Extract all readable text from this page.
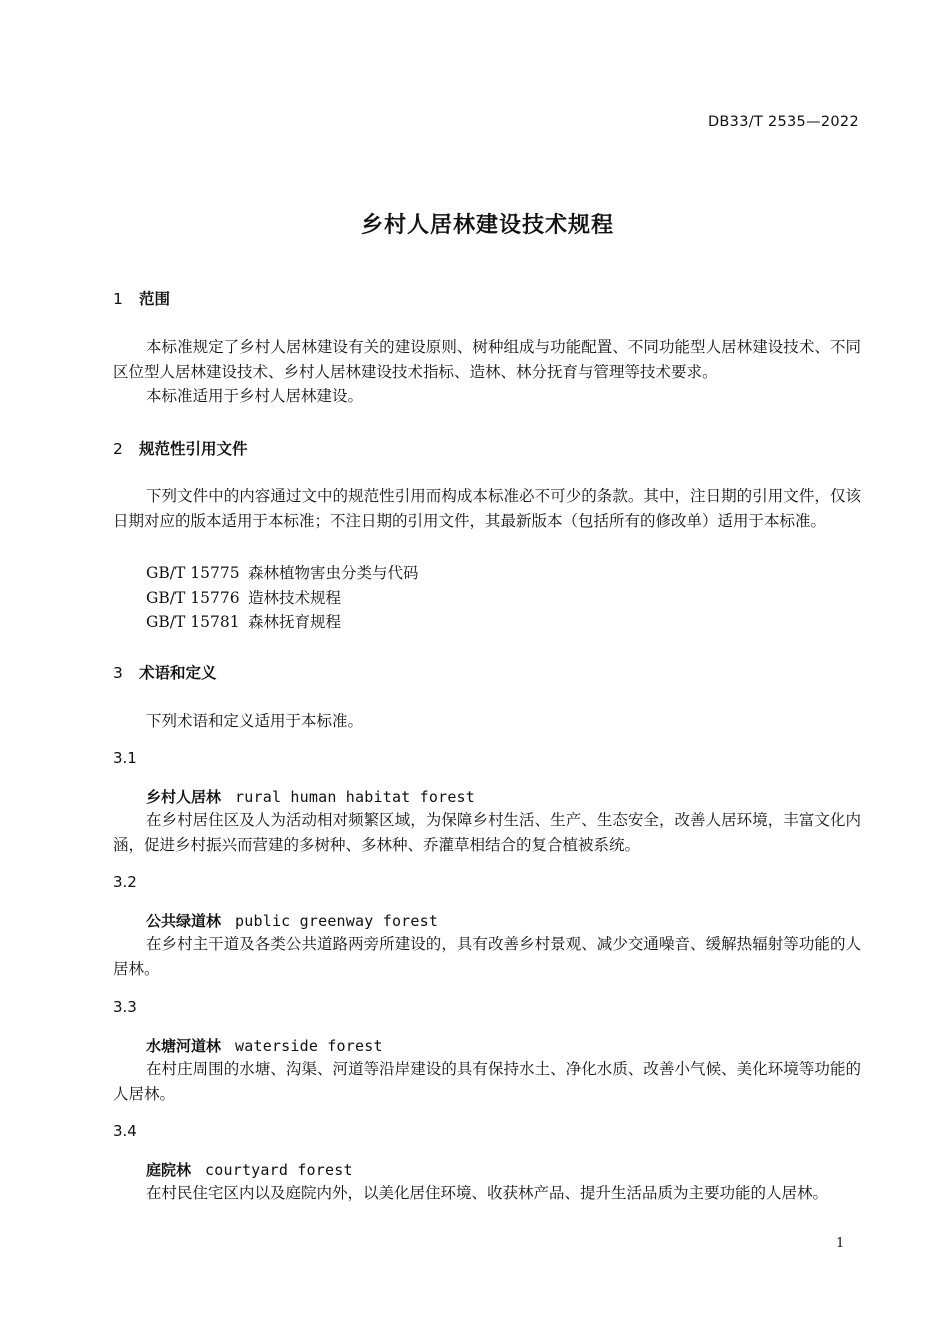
DB33/T 2535—2022
乡村人居林建设技术规程
1 范围
本标准规定了乡村人居林建设有关的建设原则、树种组成与功能配置、不同功能型人居林建设技术、不同区位型人居林建设技术、乡村人居林建设技术指标、造林、林分抚育与管理等技术要求。
本标准适用于乡村人居林建设。
2 规范性引用文件
下列文件中的内容通过文中的规范性引用而构成本标准必不可少的条款。其中，注日期的引用文件，仅该日期对应的版本适用于本标准；不注日期的引用文件，其最新版本（包括所有的修改单）适用于本标准。
GB/T 15775 森林植物害虫分类与代码
GB/T 15776 造林技术规程
GB/T 15781 森林抚育规程
3 术语和定义
下列术语和定义适用于本标准。
3.1
乡村人居林 rural human habitat forest
在乡村居住区及人为活动相对频繁区域，为保障乡村生活、生产、生态安全，改善人居环境，丰富文化内涵，促进乡村振兴而营建的多树种、多林种、乔灌草相结合的复合植被系统。
3.2
公共绿道林 public greenway forest
在乡村主干道及各类公共道路两旁所建设的，具有改善乡村景观、减少交通噪音、缓解热辐射等功能的人居林。
3.3
水塘河道林 waterside forest
在村庄周围的水塘、沟渠、河道等沿岸建设的具有保持水土、净化水质、改善小气候、美化环境等功能的人居林。
3.4
庭院林 courtyard forest
在村民住宅区内以及庭院内外，以美化居住环境、收获林产品、提升生活品质为主要功能的人居林。
1
